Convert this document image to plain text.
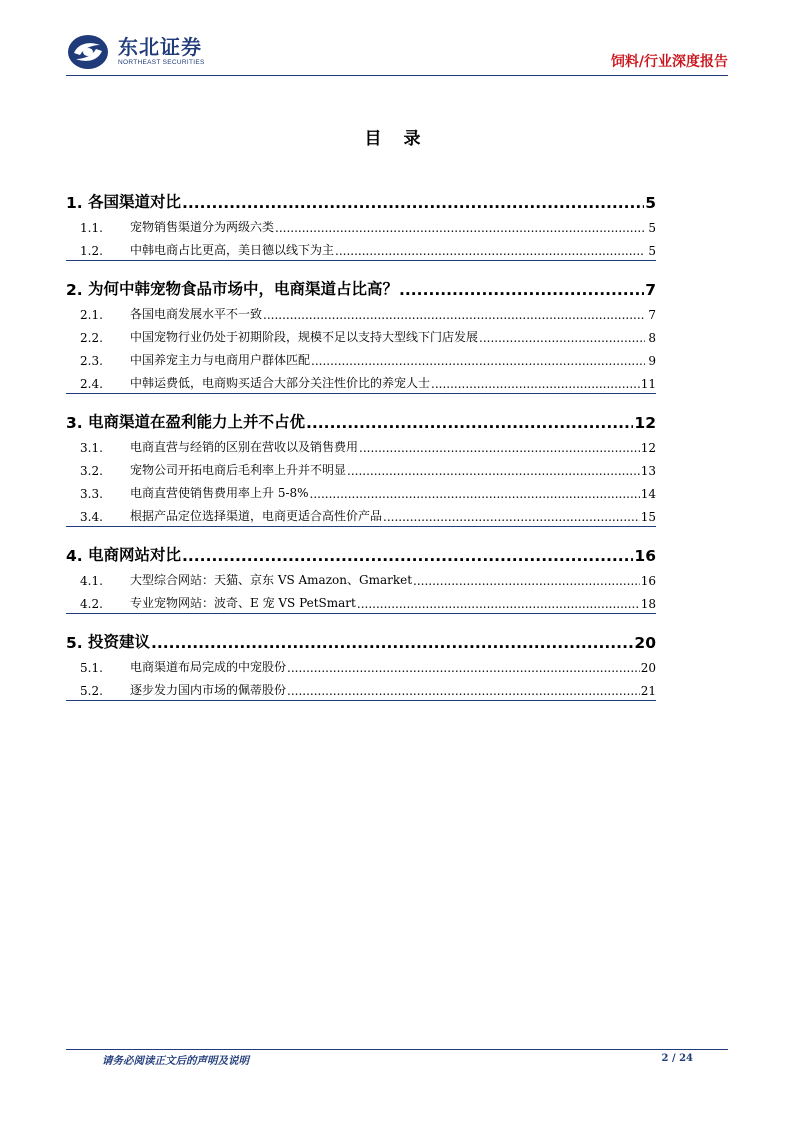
东北证券
NORTHEAST SECURITIES	饲料/行业深度报告
目 录
1. 各国渠道对比 .....	5
1.1.	宠物销售渠道分为两级六类 .....	5
1.2.	中韩电商占比更高，美日德以线下为主 .....	5
2. 为何中韩宠物食品市场中，电商渠道占比高？ .....	7
2.1.	各国电商发展水平不一致 .....	7
2.2.	中国宠物行业仍处于初期阶段，规模不足以支持大型线下门店发展 .....	8
2.3.	中国养宠主力与电商用户群体匹配 .....	9
2.4.	中韩运费低，电商购买适合大部分关注性价比的养宠人士 .....	11
3. 电商渠道在盈利能力上并不占优 .....	12
3.1.	电商直营与经销的区别在营收以及销售费用 .....	12
3.2.	宠物公司开拓电商后毛利率上升并不明显 .....	13
3.3.	电商直营使销售费用率上升 5-8% .....	14
3.4.	根据产品定位选择渠道，电商更适合高性价产品 .....	15
4. 电商网站对比 .....	16
4.1.	大型综合网站：天猫、京东 VS Amazon、Gmarket .....	16
4.2.	专业宠物网站：波奇、E 宠 VS PetSmart .....	18
5. 投资建议 .....	20
5.1.	电商渠道布局完成的中宠股份 .....	20
5.2.	逐步发力国内市场的佩蒂股份 .....	21
请务必阅读正文后的声明及说明	2 / 24
